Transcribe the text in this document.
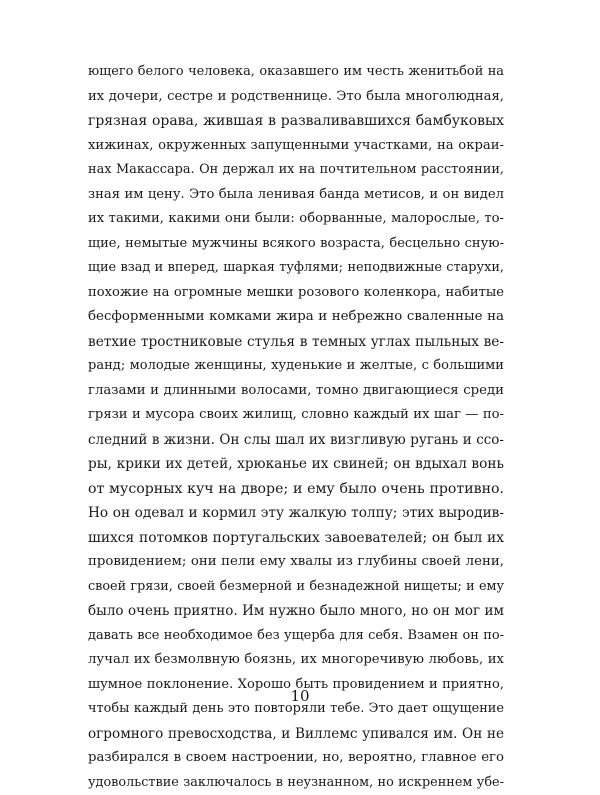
ющего белого человека, оказавшего им честь женитьбой на
их дочери, сестре и родственнице. Это была многолюдная,
грязная орава, жившая в разваливавшихся бамбуковых
хижинах, окруженных запущенными участками, на окраи-
нах Макассара. Он держал их на почтительном расстоянии,
зная им цену. Это была ленивая банда метисов, и он видел
их такими, какими они были: оборванные, малорослые, то-
щие, немытые мужчины всякого возраста, бесцельно сную-
щие взад и вперед, шаркая туфлями; неподвижные старухи,
похожие на огромные мешки розового коленкора, набитые
бесформенными комками жира и небрежно сваленные на
ветхие тростниковые стулья в темных углах пыльных ве-
ранд; молодые женщины, худенькие и желтые, с большими
глазами и длинными волосами, томно двигающиеся среди
грязи и мусора своих жилищ, словно каждый их шаг — по-
следний в жизни. Он слы шал их визгливую ругань и ссо-
ры, крики их детей, хрюканье их свиней; он вдыхал вонь
от мусорных куч на дворе; и ему было очень противно.
Но он одевал и кормил эту жалкую толпу; этих выродив-
шихся потомков португальских завоевателей; он был их
провидением; они пели ему хвалы из глубины своей лени,
своей грязи, своей безмерной и безнадежной нищеты; и ему
было очень приятно. Им нужно было много, но он мог им
давать все необходимое без ущерба для себя. Взамен он по-
лучал их безмолвную боязнь, их многоречивую любовь, их
шумное поклонение. Хорошо быть провидением и приятно,
чтобы каждый день это повторяли тебе. Это дает ощущение
огромного превосходства, и Виллемс упивался им. Он не
разбирался в своем настроении, но, вероятно, главное его
удовольствие заключалось в неузнанном, но искреннем убе-
10
